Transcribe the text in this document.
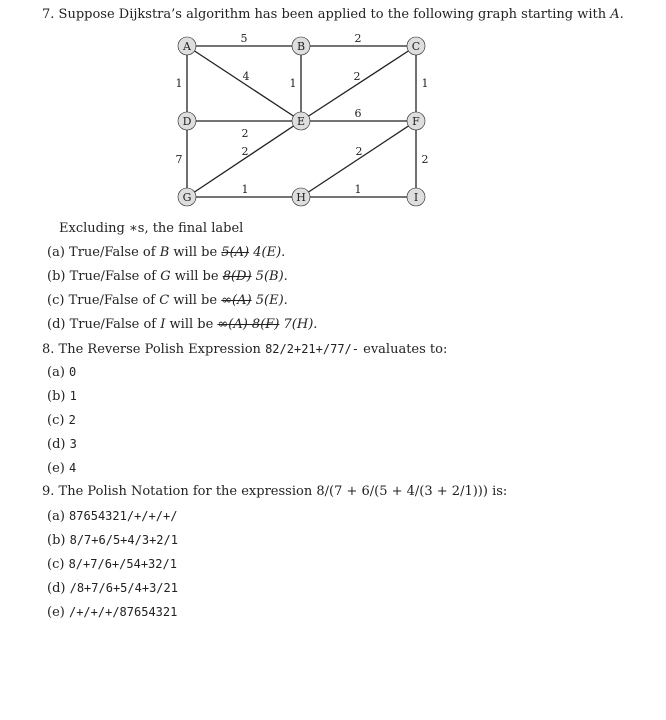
7. Suppose Dijkstra’s algorithm has been applied to the following graph starting with A.
5	2
1
4
1
2
1
6
2
7
2	2
2
1	1
A	B	C
D	E	F
G	H	I
Excluding ∗s, the final label
(a) True/False of B will be 5(A) 4(E).
(b) True/False of G will be 8(D) 5(B).
(c) True/False of C will be ∞(A) 5(E).
(d) True/False of I will be ∞(A) 8(F) 7(H).
8. The Reverse Polish Expression 82/2+21+/77/- evaluates to:
(a) 0
(b) 1
(c) 2
(d) 3
(e) 4
9. The Polish Notation for the expression 8/(7 + 6/(5 + 4/(3 + 2/1))) is:
(a) 87654321/+/+/+/
(b) 8/7+6/5+4/3+2/1
(c) 8/+7/6+/54+32/1
(d) /8+7/6+5/4+3/21
(e) /+/+/+/87654321
